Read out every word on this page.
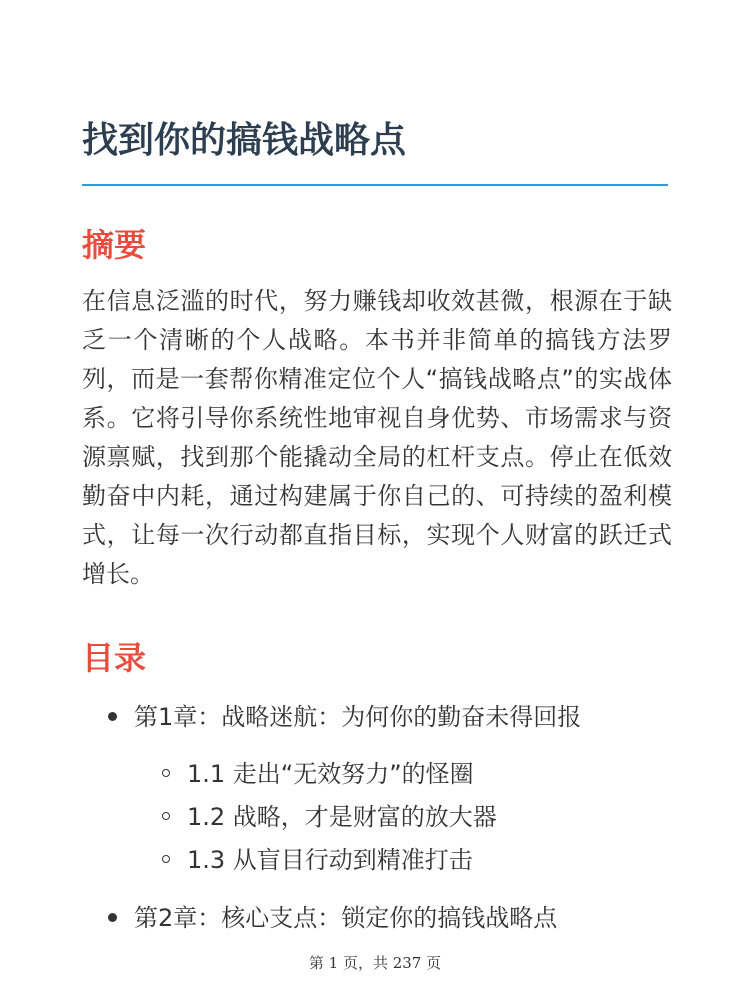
找到你的搞钱战略点
摘要

在信息泛滥的时代，努力赚钱却收效甚微，根源在于缺乏一个清晰的个人战略。本书并非简单的搞钱方法罗列，而是一套帮你精准定位个人“搞钱战略点”的实战体系。它将引导你系统性地审视自身优势、市场需求与资源禀赋，找到那个能撬动全局的杠杆支点。停止在低效勤奋中内耗，通过构建属于你自己的、可持续的盈利模式，让每一次行动都直指目标，实现个人财富的跃迁式增长。

目录
第1章：战略迷航：为何你的勤奋未得回报
1.1 走出“无效努力”的怪圈
1.2 战略，才是财富的放大器
1.3 从盲目行动到精准打击
第2章：核心支点：锁定你的搞钱战略点
第 1 页，共 237 页
